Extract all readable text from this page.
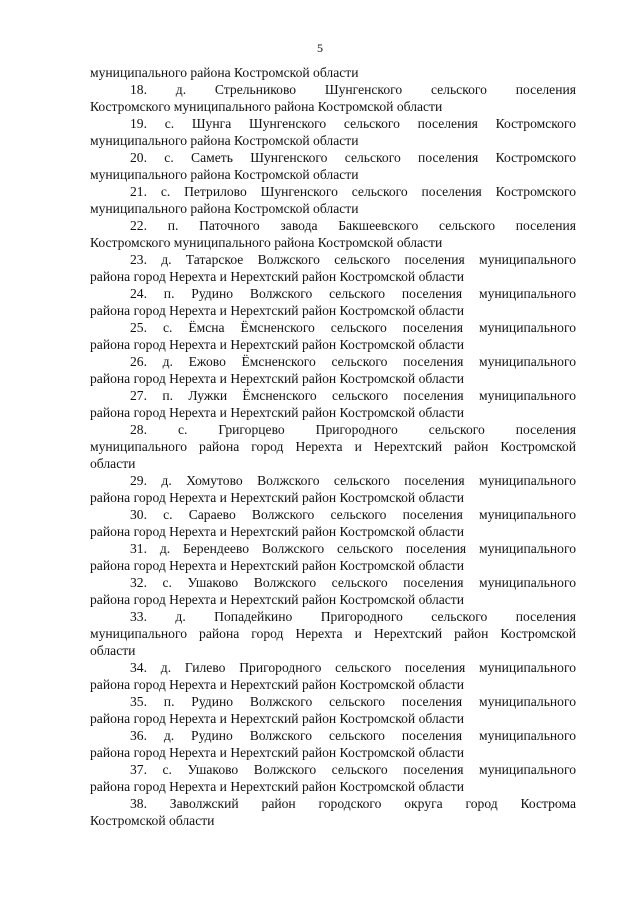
5
муниципального района Костромской области
18. д. Стрельниково Шунгенского сельского поселения
Костромского муниципального района Костромской области
19. с. Шунга Шунгенского сельского поселения Костромского
муниципального района Костромской области
20. с. Саметь Шунгенского сельского поселения Костромского
муниципального района Костромской области
21. с. Петрилово Шунгенского сельского поселения Костромского
муниципального района Костромской области
22. п. Паточного завода Бакшеевского сельского поселения
Костромского муниципального района Костромской области
23. д. Татарское Волжского сельского поселения муниципального
района город Нерехта и Нерехтский район Костромской области
24. п. Рудино Волжского сельского поселения муниципального
района город Нерехта и Нерехтский район Костромской области
25. с. Ёмсна Ёмсненского сельского поселения муниципального
района город Нерехта и Нерехтский район Костромской области
26. д. Ежово Ёмсненского сельского поселения муниципального
района город Нерехта и Нерехтский район Костромской области
27. п. Лужки Ёмсненского сельского поселения муниципального
района город Нерехта и Нерехтский район Костромской области
28. с. Григорцево Пригородного сельского поселения
муниципального района город Нерехта и Нерехтский район Костромской
области
29. д. Хомутово Волжского сельского поселения муниципального
района город Нерехта и Нерехтский район Костромской области
30. с. Сараево Волжского сельского поселения муниципального
района город Нерехта и Нерехтский район Костромской области
31. д. Берендеево Волжского сельского поселения муниципального
района город Нерехта и Нерехтский район Костромской области
32. с. Ушаково Волжского сельского поселения муниципального
района город Нерехта и Нерехтский район Костромской области
33. д. Попадейкино Пригородного сельского поселения
муниципального района город Нерехта и Нерехтский район Костромской
области
34. д. Гилево Пригородного сельского поселения муниципального
района город Нерехта и Нерехтский район Костромской области
35. п. Рудино Волжского сельского поселения муниципального
района город Нерехта и Нерехтский район Костромской области
36. д. Рудино Волжского сельского поселения муниципального
района город Нерехта и Нерехтский район Костромской области
37. с. Ушаково Волжского сельского поселения муниципального
района город Нерехта и Нерехтский район Костромской области
38. Заволжский район городского округа город Кострома
Костромской области
